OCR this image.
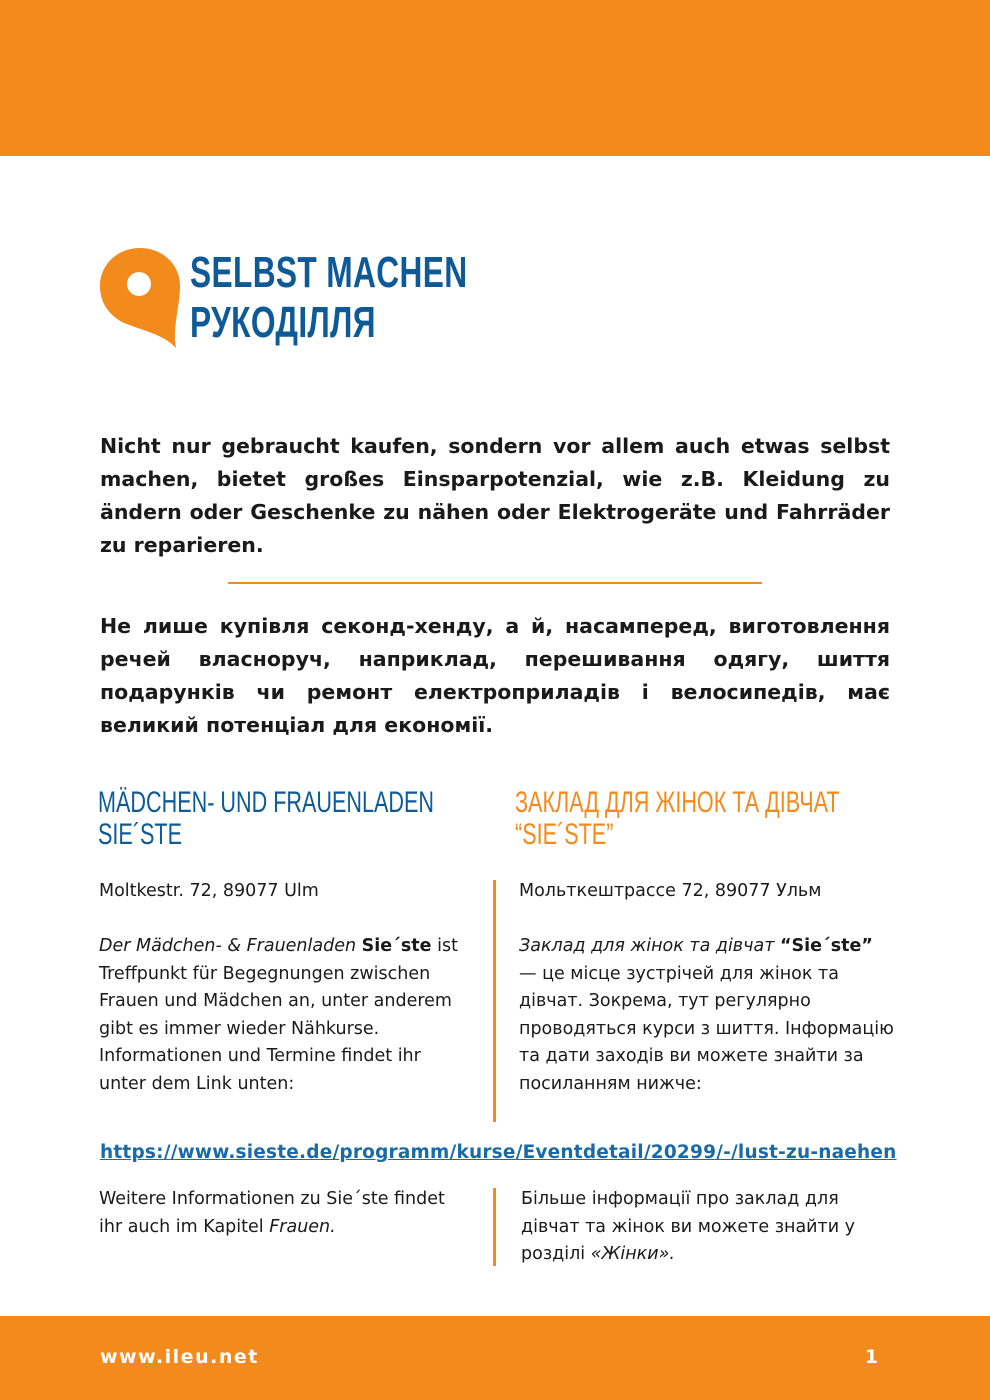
SELBST MACHEN
РУКОДІЛЛЯ

Nicht nur gebraucht kaufen, sondern vor allem auch etwas selbst machen, bietet großes Einsparpotenzial, wie z.B. Kleidung zu ändern oder Geschenke zu nähen oder Elektrogeräte und Fahrräder zu reparieren.

Не лише купівля секонд-хенду, а й, насамперед, виготовлення речей власноруч, наприклад, перешивання одягу, шиття подарунків чи ремонт електроприладів і велосипедів, має великий потенціал для економії.

MÄDCHEN- UND FRAUENLADEN
SIE´STE
ЗАКЛАД ДЛЯ ЖІНОК ТА ДІВЧАТ
“SIE´STE”

Moltkestr. 72, 89077 Ulm	Мольткештрассе 72, 89077 Ульм

Der Mädchen- & Frauenladen Sie´ste ist Treffpunkt für Begegnungen zwischen Frauen und Mädchen an, unter anderem gibt es immer wieder Nähkurse. Informationen und Termine findet ihr unter dem Link unten:

Заклад для жінок та дівчат “Sie´ste” — це місце зустрічей для жінок та дівчат. Зокрема, тут регулярно проводяться курси з шиття. Інформацію та дати заходів ви можете знайти за посиланням нижче:

https://www.sieste.de/programm/kurse/Eventdetail/20299/-/lust-zu-naehen

Weitere Informationen zu Sie´ste findet ihr auch im Kapitel Frauen.

Більше інформації про заклад для дівчат та жінок ви можете знайти у розділі «Жінки».

www.ileu.net	1
